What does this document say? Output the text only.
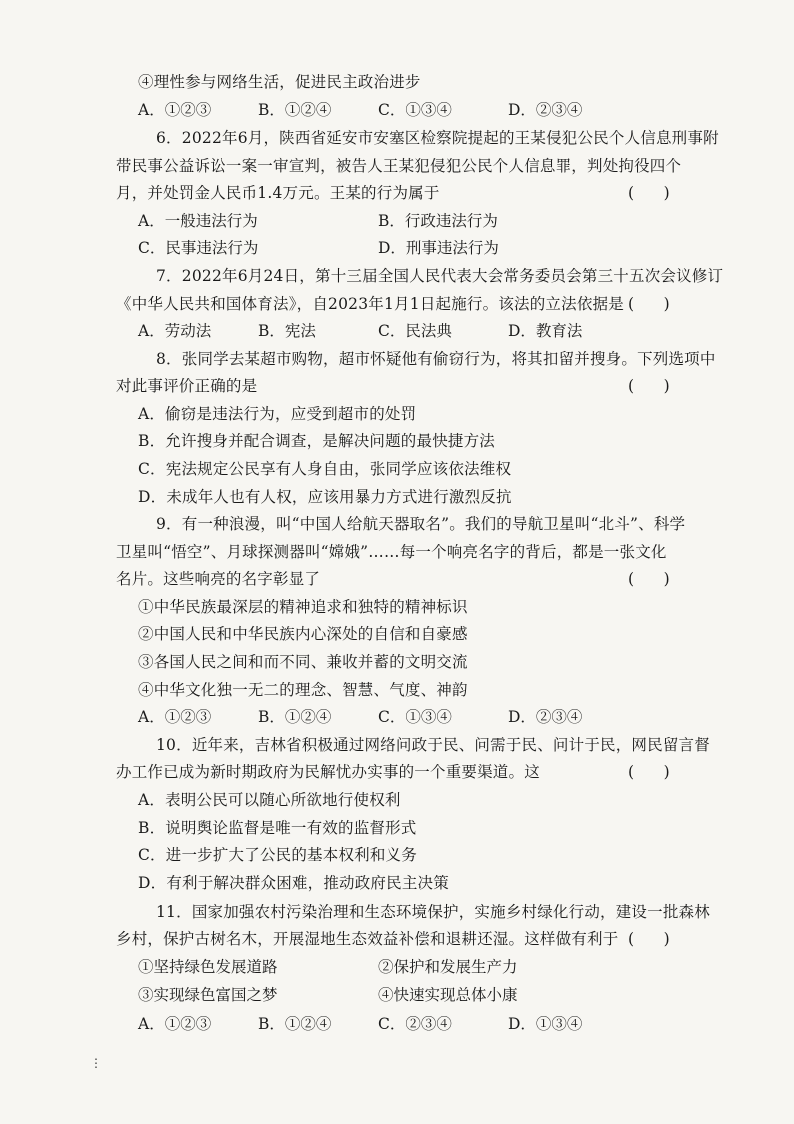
④理性参与网络生活，促进民主政治进步
A．①②③	B．①②④	C．①③④	D．②③④
6．2022年6月，陕西省延安市安塞区检察院提起的王某侵犯公民个人信息刑事附
带民事公益诉讼一案一审宣判，被告人王某犯侵犯公民个人信息罪，判处拘役四个
月，并处罚金人民币1.4万元。王某的行为属于	(      )
A．一般违法行为	B．行政违法行为
C．民事违法行为	D．刑事违法行为
7．2022年6月24日，第十三届全国人民代表大会常务委员会第三十五次会议修订
《中华人民共和国体育法》，自2023年1月1日起施行。该法的立法依据是 (      )
A．劳动法	B．宪法	C．民法典	D．教育法
8．张同学去某超市购物，超市怀疑他有偷窃行为，将其扣留并搜身。下列选项中
对此事评价正确的是	(      )
A．偷窃是违法行为，应受到超市的处罚
B．允许搜身并配合调查，是解决问题的最快捷方法
C．宪法规定公民享有人身自由，张同学应该依法维权
D．未成年人也有人权，应该用暴力方式进行激烈反抗
9．有一种浪漫，叫“中国人给航天器取名”。我们的导航卫星叫“北斗”、科学
卫星叫“悟空”、月球探测器叫“嫦娥”……每一个响亮名字的背后，都是一张文化
名片。这些响亮的名字彰显了	(      )
①中华民族最深层的精神追求和独特的精神标识
②中国人民和中华民族内心深处的自信和自豪感
③各国人民之间和而不同、兼收并蓄的文明交流
④中华文化独一无二的理念、智慧、气度、神韵
A．①②③	B．①②④	C．①③④	D．②③④
10．近年来，吉林省积极通过网络问政于民、问需于民、问计于民，网民留言督
办工作已成为新时期政府为民解忧办实事的一个重要渠道。这	(      )
A．表明公民可以随心所欲地行使权利
B．说明舆论监督是唯一有效的监督形式
C．进一步扩大了公民的基本权利和义务
D．有利于解决群众困难，推动政府民主决策
11．国家加强农村污染治理和生态环境保护，实施乡村绿化行动，建设一批森林
乡村，保护古树名木，开展湿地生态效益补偿和退耕还湿。这样做有利于 (      )
①坚持绿色发展道路	②保护和发展生产力
③实现绿色富国之梦	④快速实现总体小康
A．①②③	B．①②④	C．②③④	D．①③④
⋮
